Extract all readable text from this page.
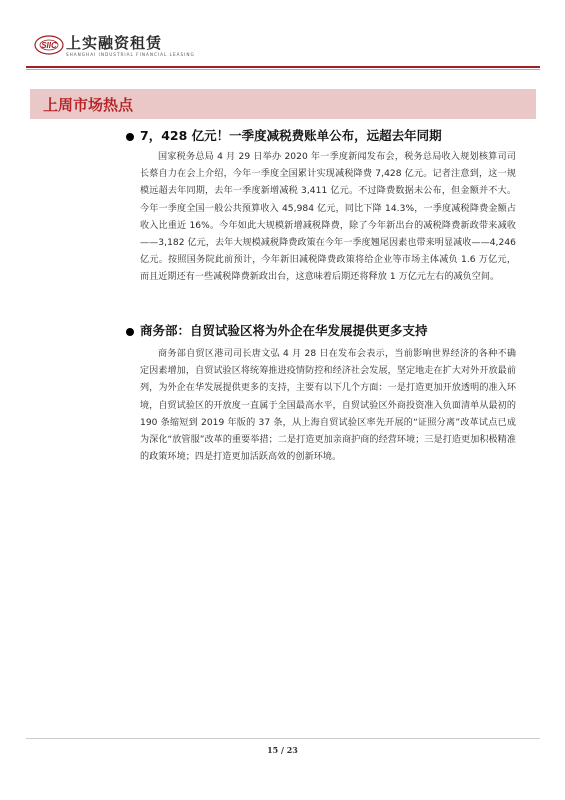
SIIC 上实融资租赁
SHANGHAI INDUSTRIAL FINANCIAL LEASING
上周市场热点
7，428 亿元！一季度减税费账单公布，远超去年同期
国家税务总局 4 月 29 日举办 2020 年一季度新闻发布会，税务总局收入规划核算司司长蔡自力在会上介绍，今年一季度全国累计实现减税降费 7,428 亿元。记者注意到，这一规模远超去年同期，去年一季度新增减税 3,411 亿元。不过降费数据未公布，但金额并不大。今年一季度全国一般公共预算收入 45,984 亿元，同比下降 14.3%，一季度减税降费金额占收入比重近 16%。今年如此大规模新增减税降费，除了今年新出台的减税降费新政带来减收——3,182 亿元，去年大规模减税降费政策在今年一季度翘尾因素也带来明显减收——4,246 亿元。按照国务院此前预计，今年新旧减税降费政策将给企业等市场主体减负 1.6 万亿元，而且近期还有一些减税降费新政出台，这意味着后期还将释放 1 万亿元左右的减负空间。
商务部：自贸试验区将为外企在华发展提供更多支持
商务部自贸区港司司长唐文弘 4 月 28 日在发布会表示，当前影响世界经济的各种不确定因素增加，自贸试验区将统筹推进疫情防控和经济社会发展，坚定地走在扩大对外开放最前列，为外企在华发展提供更多的支持，主要有以下几个方面：一是打造更加开放透明的准入环境，自贸试验区的开放度一直属于全国最高水平，自贸试验区外商投资准入负面清单从最初的 190 条缩短到 2019 年版的 37 条，从上海自贸试验区率先开展的“证照分离”改革试点已成为深化“放管服”改革的重要举措；二是打造更加亲商护商的经营环境；三是打造更加积极精准的政策环境；四是打造更加活跃高效的创新环境。
15 / 23
